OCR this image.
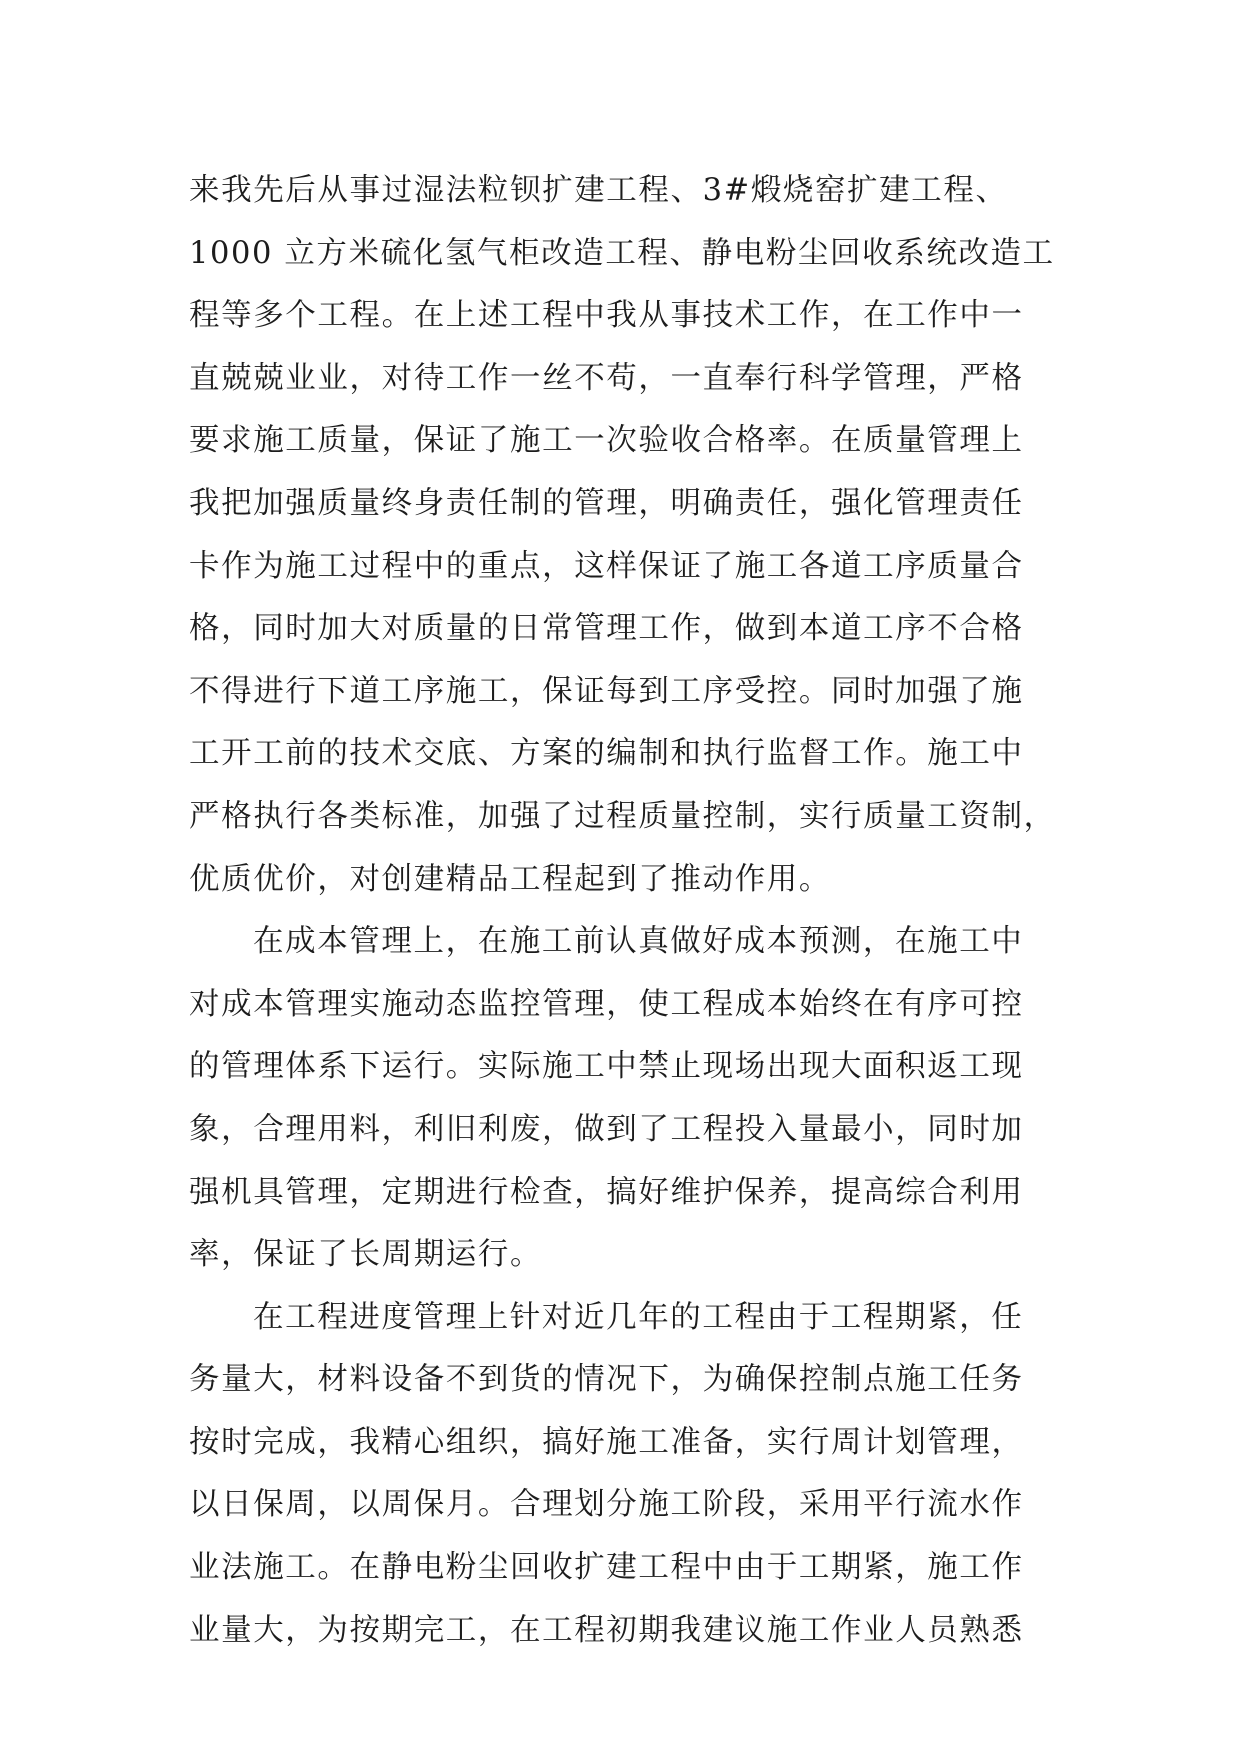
来我先后从事过湿法粒钡扩建工程、3#煅烧窑扩建工程、
1000 立方米硫化氢气柜改造工程、静电粉尘回收系统改造工
程等多个工程。在上述工程中我从事技术工作，在工作中一
直兢兢业业，对待工作一丝不苟，一直奉行科学管理，严格
要求施工质量，保证了施工一次验收合格率。在质量管理上
我把加强质量终身责任制的管理，明确责任，强化管理责任
卡作为施工过程中的重点，这样保证了施工各道工序质量合
格，同时加大对质量的日常管理工作，做到本道工序不合格
不得进行下道工序施工，保证每到工序受控。同时加强了施
工开工前的技术交底、方案的编制和执行监督工作。施工中
严格执行各类标准，加强了过程质量控制，实行质量工资制，
优质优价，对创建精品工程起到了推动作用。
在成本管理上，在施工前认真做好成本预测，在施工中
对成本管理实施动态监控管理，使工程成本始终在有序可控
的管理体系下运行。实际施工中禁止现场出现大面积返工现
象，合理用料，利旧利废，做到了工程投入量最小，同时加
强机具管理，定期进行检查，搞好维护保养，提高综合利用
率，保证了长周期运行。
在工程进度管理上针对近几年的工程由于工程期紧，任
务量大，材料设备不到货的情况下，为确保控制点施工任务
按时完成，我精心组织，搞好施工准备，实行周计划管理，
以日保周，以周保月。合理划分施工阶段，采用平行流水作
业法施工。在静电粉尘回收扩建工程中由于工期紧，施工作
业量大，为按期完工，在工程初期我建议施工作业人员熟悉
